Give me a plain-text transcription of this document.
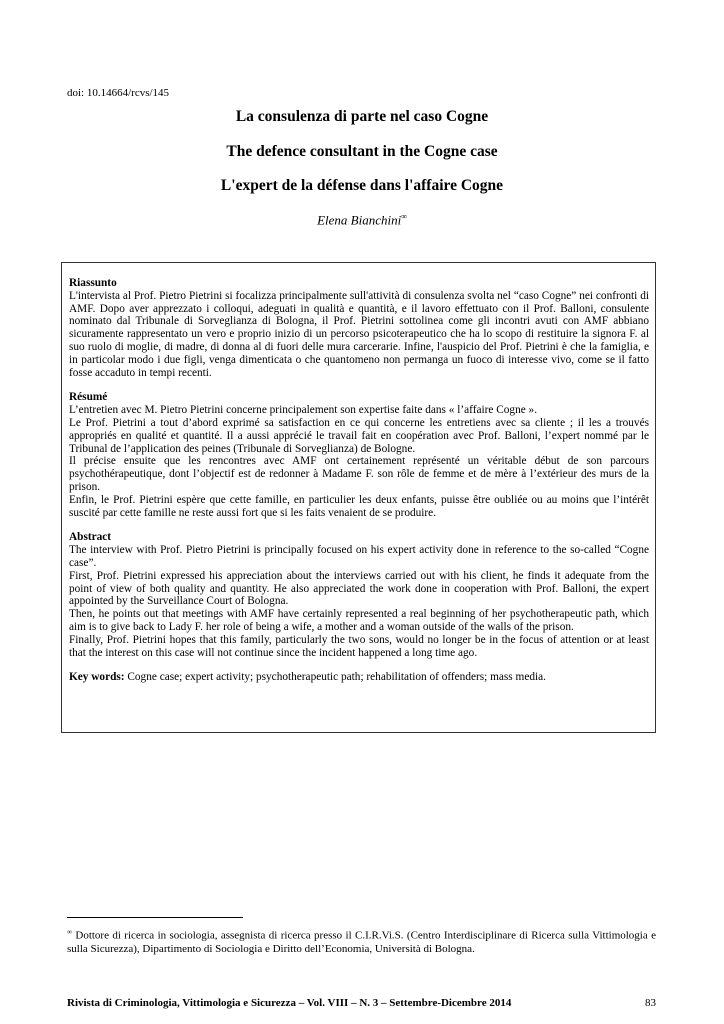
doi: 10.14664/rcvs/145
La consulenza di parte nel caso Cogne
The defence consultant in the Cogne case
L'expert de la défense dans l'affaire Cogne
Elena Bianchini∞
Riassunto

L'intervista al Prof. Pietro Pietrini si focalizza principalmente sull'attività di consulenza svolta nel “caso Cogne” nei confronti di AMF. Dopo aver apprezzato i colloqui, adeguati in qualità e quantità, e il lavoro effettuato con il Prof. Balloni, consulente nominato dal Tribunale di Sorveglianza di Bologna, il Prof. Pietrini sottolinea come gli incontri avuti con AMF abbiano sicuramente rappresentato un vero e proprio inizio di un percorso psicoterapeutico che ha lo scopo di restituire la signora F. al suo ruolo di moglie, di madre, di donna al di fuori delle mura carcerarie. Infine, l'auspicio del Prof. Pietrini è che la famiglia, e in particolar modo i due figli, venga dimenticata o che quantomeno non permanga un fuoco di interesse vivo, come se il fatto fosse accaduto in tempi recenti.

Résumé

L’entretien avec M. Pietro Pietrini concerne principalement son expertise faite dans « l’affaire Cogne ».

Le Prof. Pietrini a tout d’abord exprimé sa satisfaction en ce qui concerne les entretiens avec sa cliente ; il les a trouvés appropriés en qualité et quantité. Il a aussi apprécié le travail fait en coopération avec Prof. Balloni, l’expert nommé par le Tribunal de l’application des peines (Tribunale di Sorveglianza) de Bologne.

Il précise ensuite que les rencontres avec AMF ont certainement représenté un véritable début de son parcours psychothérapeutique, dont l’objectif est de redonner à Madame F. son rôle de femme et de mère à l’extérieur des murs de la prison.

Enfin, le Prof. Pietrini espère que cette famille, en particulier les deux enfants, puisse être oubliée ou au moins que l’intérêt suscité par cette famille ne reste aussi fort que si les faits venaient de se produire.

Abstract

The interview with Prof. Pietro Pietrini is principally focused on his expert activity done in reference to the so-called “Cogne case”.

First, Prof. Pietrini expressed his appreciation about the interviews carried out with his client, he finds it adequate from the point of view of both quality and quantity. He also appreciated the work done in cooperation with Prof. Balloni, the expert appointed by the Surveillance Court of Bologna.

Then, he points out that meetings with AMF have certainly represented a real beginning of her psychotherapeutic path, which aim is to give back to Lady F. her role of being a wife, a mother and a woman outside of the walls of the prison.

Finally, Prof. Pietrini hopes that this family, particularly the two sons, would no longer be in the focus of attention or at least that the interest on this case will not continue since the incident happened a long time ago.

Key words: Cogne case; expert activity; psychotherapeutic path; rehabilitation of offenders; mass media.
∞ Dottore di ricerca in sociologia, assegnista di ricerca presso il C.I.R.Vi.S. (Centro Interdisciplinare di Ricerca sulla Vittimologia e sulla Sicurezza), Dipartimento di Sociologia e Diritto dell’Economia, Università di Bologna.
Rivista di Criminologia, Vittimologia e Sicurezza – Vol. VIII – N. 3 – Settembre-Dicembre 2014	83
